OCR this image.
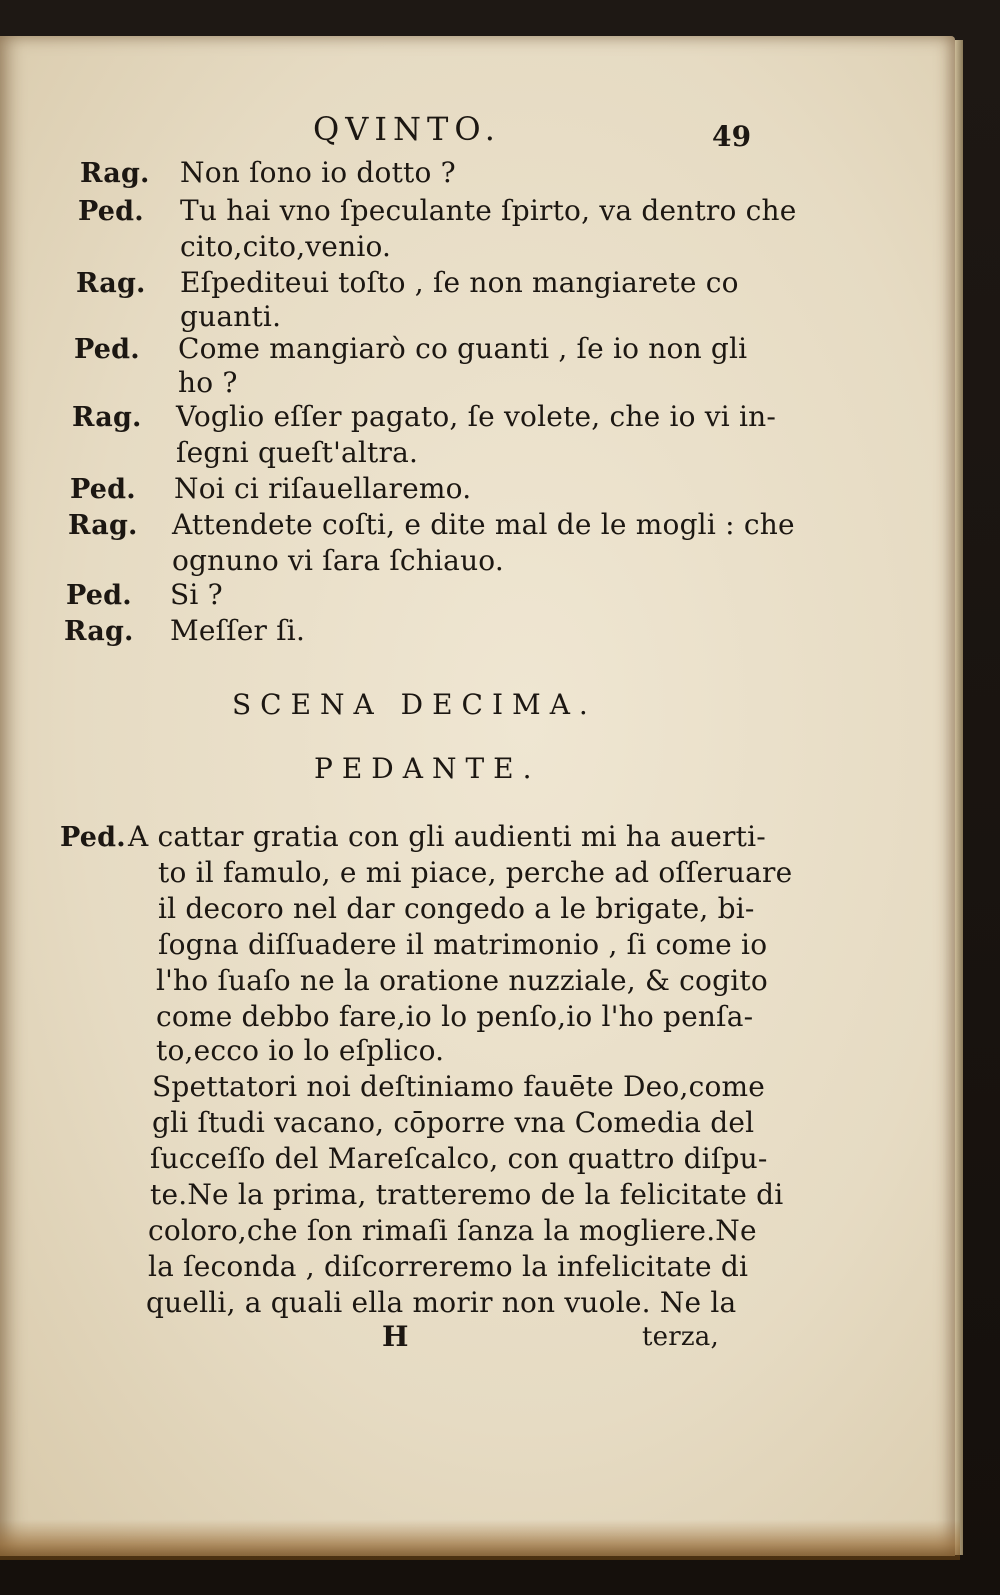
QVINTO.	49
Rag. Non ſono io dotto ?
Ped. Tu hai vno ſpeculante ſpirto, va dentro che
cito,cito,venio.
Rag. Eſpediteui toſto , ſe non mangiarete co
guanti.
Ped. Come mangiarò co guanti , ſe io non gli
ho ?
Rag. Voglio eſſer pagato, ſe volete, che io vi in-
ſegni queſt'altra.
Ped. Noi ci riſauellaremo.
Rag. Attendete coſti, e dite mal de le mogli : che
ognuno vi ſara ſchiauo.
Ped. Si ?
Rag. Meſſer ſi.
SCENA DECIMA.
PEDANTE.
Ped. A cattar gratia con gli audienti mi ha auerti-
to il famulo, e mi piace, perche ad oſſeruare
il decoro nel dar congedo a le brigate, bi-
ſogna diſſuadere il matrimonio , ſi come io
l'ho ſuaſo ne la oratione nuzziale, & cogito
come debbo fare,io lo penſo,io l'ho penſa-
to,ecco io lo eſplico.
Spettatori noi deſtiniamo fauēte Deo,come
gli ſtudi vacano, cōporre vna Comedia del
ſucceſſo del Mareſcalco, con quattro diſpu-
te.Ne la prima, tratteremo de la felicitate di
coloro,che ſon rimaſi ſanza la mogliere.Ne
la ſeconda , diſcorreremo la infelicitate di
quelli, a quali ella morir non vuole. Ne la
H	terza,
